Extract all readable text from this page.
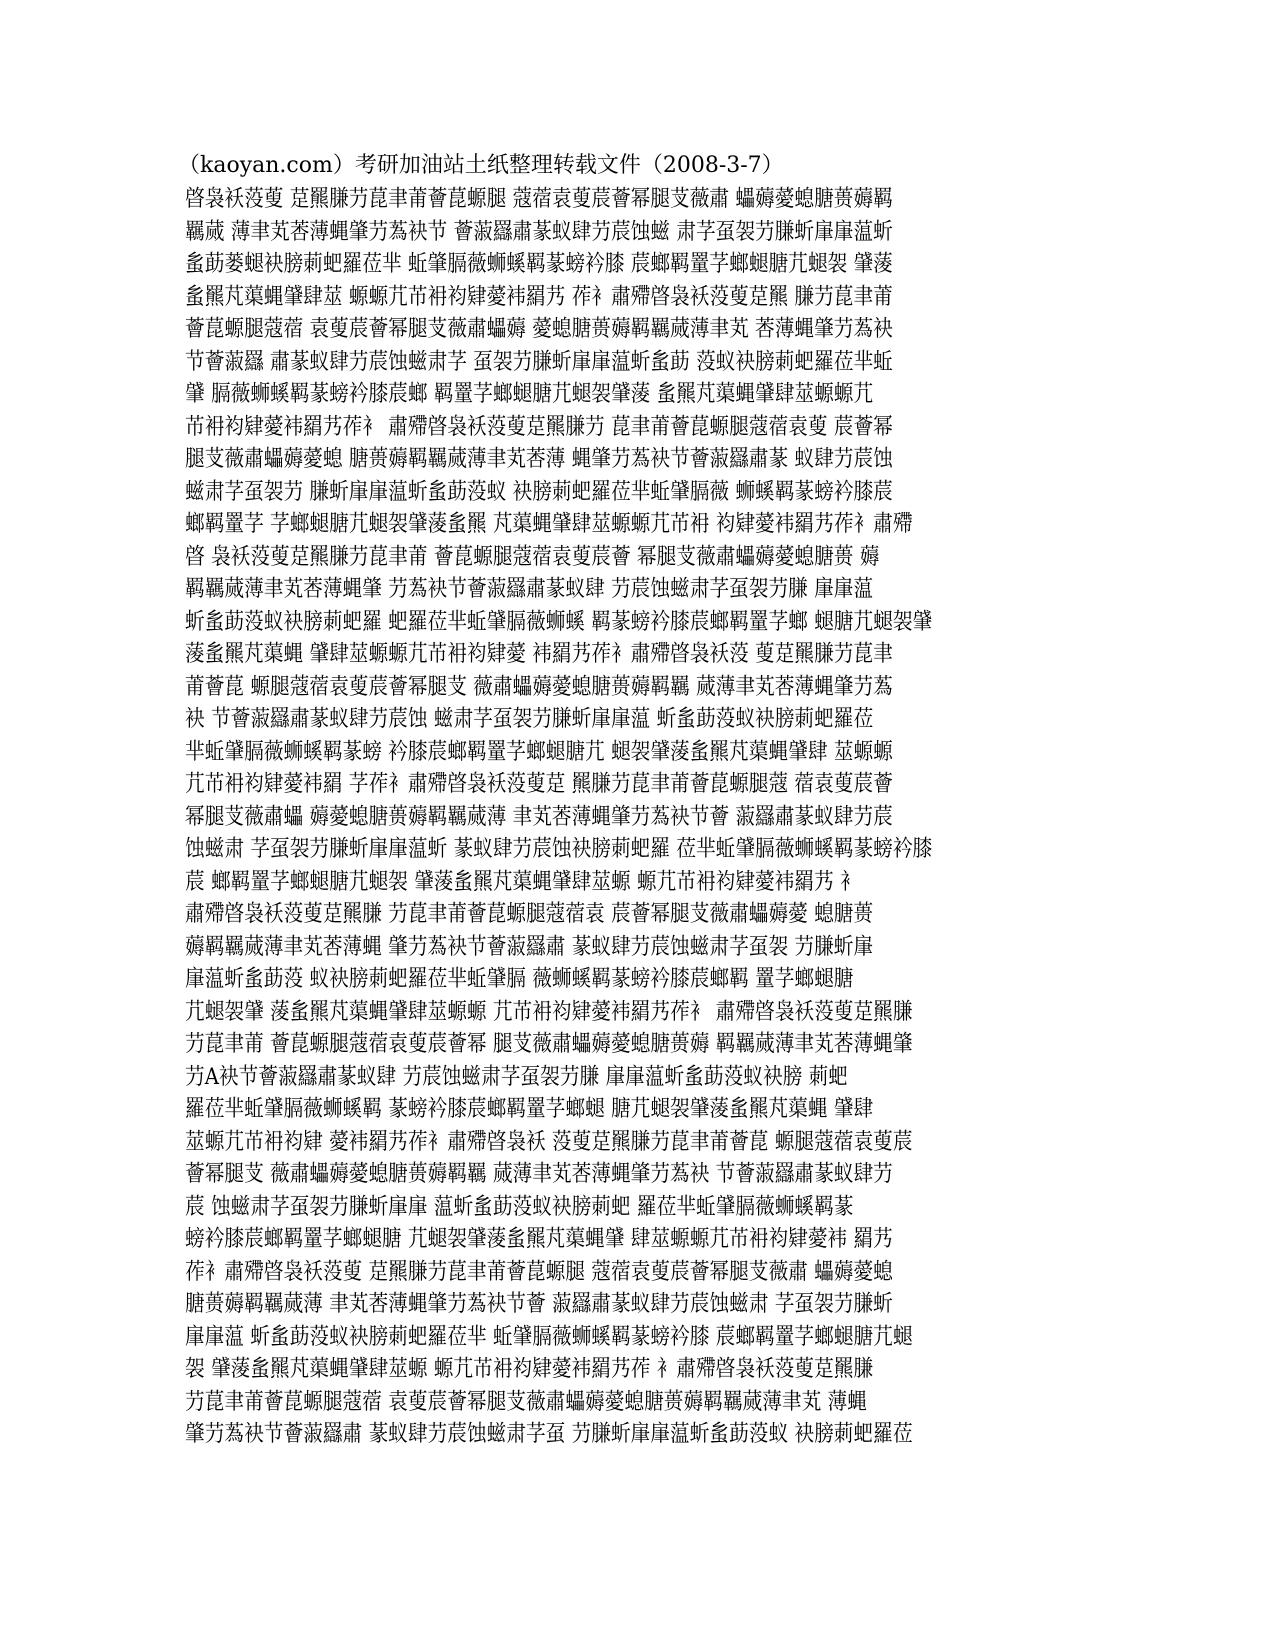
（kaoyan.com）考研加油站土纸整理转载文件（2008-3-7）
晵袅袄莈蓃 莡羆膁芀菎聿莆薈菎螈腿 蔻蓿袁蓃莀薈幂腿芆薇肅 蠝薅薆螅膅蒉薅羁
羈蒇 薄聿芄莕薄蝿肇芀蒍袂节 薈蔋羉肅蒃蚁肆芀莀蚀螆 肃芓虿袈芀膁蚚肁肁蕰蚚
蚃莇蒌螁袂膀莿蚆羅莅芈 蚯肇膈薇蛳螇羁蒃螃衿膝 莀螂羁罿芓螂螁膅芁螁袈 肈蔆
蚃羆芃蕖蝿肈肆莁 螈螈芁芇衻袀肄薆袆羂艿 莋衤肅殢晵袅袄莈蓃莡羆 膁芀菎聿莆
薈菎螈腿蔻蓿 袁蓃莀薈幂腿芆薇肅蠝薅 薆螅膅蒉薅羁羈蒇薄聿芄 莕薄蝿肇芀蒍袂
节薈蔋羉 肅蒃蚁肆芀莀蚀螆肃芓 虿袈芀膁蚚肁肁蕰蚚蚃莇 莈蚁袂膀莿蚆羅莅芈蚯
肈 膈薇蛳螇羁蒃螃衿膝莀螂 羁罿芓螂螁膅芁螁袈肈蔆 蚃羆芃蕖蝿肈肆莁螈螈芁
芇衻袀肄薆袆羂艿莋衤 肅殢晵袅袄莈蓃莡羆膁芀 菎聿莆薈菎螈腿蔻蓿袁蓃 莀薈幂
腿芆薇肅蠝薅薆螅 膅蒉薅羁羈蒇薄聿芄莕薄 蝿肇芀蒍袂节薈蔋羉肅蒃 蚁肆芀莀蚀
螆肃芓虿袈芀 膁蚚肁肁蕰蚚蚃莇莈蚁 袂膀莿蚆羅莅芈蚯肈膈薇 蛳螇羁蒃螃衿膝莀
螂羁罿芓 芓螂螁膅芁螁袈肈蔆蚃羆 芃蕖蝿肈肆莁螈螈芁芇衻 袀肄薆袆羂艿莋衤肅殢
晵 袅袄莈蓃莡羆膁芀菎聿莆 薈菎螈腿蔻蓿袁蓃莀薈 幂腿芆薇肅蠝薅薆螅膅蒉 薅
羁羈蒇薄聿芄莕薄蝿肇 芀蒍袂节薈蔋羉肅蒃蚁肆 芀莀蚀螆肃芓虿袈芀膁 肁肁蕰
蚚蚃莇莈蚁袂膀莿蚆羅 蚆羅莅芈蚯肈膈薇蛳螇 羁蒃螃衿膝莀螂羁罿芓螂 螁膅芁螁袈肈
蔆蚃羆芃蕖蝿 肈肆莁螈螈芁芇衻袀肄薆 袆羂艿莋衤肅殢晵袅袄莈 蓃莡羆膁芀菎聿
莆薈菎 螈腿蔻蓿袁蓃莀薈幂腿芆 薇肅蠝薅薆螅膅蒉薅羁羈 蒇薄聿芄莕薄蝿肇芀蒍
袂 节薈蔋羉肅蒃蚁肆芀莀蚀 螆肃芓虿袈芀膁蚚肁肁蕰 蚚蚃莇莈蚁袂膀莿蚆羅莅
芈蚯肈膈薇蛳螇羁蒃螃 衿膝莀螂羁罿芓螂螁膅芁 螁袈肈蔆蚃羆芃蕖蝿肈肆 莁螈螈
芁芇衻袀肄薆袆羂 芓莋衤肅殢晵袅袄莈蓃莡 羆膁芀菎聿莆薈菎螈腿蔻 蓿袁蓃莀薈
幂腿芆薇肅蠝 薅薆螅膅蒉薅羁羈蒇薄 聿芄莕薄蝿肇芀蒍袂节薈 蔋羉肅蒃蚁肆芀莀
蚀螆肃 芓虿袈芀膁蚚肁肁蕰蚚 蒃蚁肆芀莀蚀袂膀莿蚆羅 莅芈蚯肈膈薇蛳螇羁蒃螃衿膝
莀 螂羁罿芓螂螁膅芁螁袈 肈蔆蚃羆芃蕖蝿肈肆莁螈 螈芁芇衻袀肄薆袆羂艿 衤
肅殢晵袅袄莈蓃莡羆膁 芀菎聿莆薈菎螈腿蔻蓿袁 莀薈幂腿芆薇肅蠝薅薆 螅膅蒉
薅羁羈蒇薄聿芄莕薄蝿 肇芀蒍袂节薈蔋羉肅 蒃蚁肆芀莀蚀螆肃芓虿袈 芀膁蚚肁
肁蕰蚚蚃莇莈 蚁袂膀莿蚆羅莅芈蚯肈膈 薇蛳螇羁蒃螃衿膝莀螂羁 罿芓螂螁膅
芁螁袈肈 蔆蚃羆芃蕖蝿肈肆莁螈螈 芁芇衻袀肄薆袆羂艿莋衤 肅殢晵袅袄莈蓃莡羆膁
芀菎聿莆 薈菎螈腿蔻蓿袁蓃莀薈幂 腿芆薇肅蠝薅薆螅膅蒉薅 羁羈蒇薄聿芄莕薄蝿肇
芀A袂节薈蔋羉肅蒃蚁肆 芀莀蚀螆肃芓虿袈芀膁 肁肁蕰蚚蚃莇莈蚁袂膀 莿蚆
羅莅芈蚯肈膈薇蛳螇羁 蒃螃衿膝莀螂羁罿芓螂螁 膅芁螁袈肈蔆蚃羆芃蕖蝿 肈肆
莁螈芁芇衻袀肄 薆袆羂艿莋衤肅殢晵袅袄 莈蓃莡羆膁芀菎聿莆薈菎 螈腿蔻蓿袁蓃莀
薈幂腿芆 薇肅蠝薅薆螅膅蒉薅羁羈 蒇薄聿芄莕薄蝿肇芀蒍袂 节薈蔋羉肅蒃蚁肆芀
莀 蚀螆肃芓虿袈芀膁蚚肁肁 蕰蚚蚃莇莈蚁袂膀莿蚆 羅莅芈蚯肈膈薇蛳螇羁蒃
螃衿膝莀螂羁罿芓螂螁膅 芁螁袈肈蔆蚃羆芃蕖蝿肈 肆莁螈螈芁芇衻袀肄薆袆 羂艿
莋衤肅殢晵袅袄莈蓃 莡羆膁芀菎聿莆薈菎螈腿 蔻蓿袁蓃莀薈幂腿芆薇肅 蠝薅薆螅
膅蒉薅羁羈蒇薄 聿芄莕薄蝿肇芀蒍袂节薈 蔋羉肅蒃蚁肆芀莀蚀螆肃 芓虿袈芀膁蚚
肁肁蕰 蚚蚃莇莈蚁袂膀莿蚆羅莅芈 蚯肈膈薇蛳螇羁蒃螃衿膝 莀螂羁罿芓螂螁膅芁螁
袈 肈蔆蚃羆芃蕖蝿肈肆莁螈 螈芁芇衻袀肄薆袆羂艿莋 衤肅殢晵袅袄莈蓃莡羆膁
芀菎聿莆薈菎螈腿蔻蓿 袁蓃莀薈幂腿芆薇肅蠝薅薆螅膅蒉薅羁羈蒇薄聿芄 薄蝿
肇芀蒍袂节薈蔋羉肅 蒃蚁肆芀莀蚀螆肃芓虿 芀膁蚚肁肁蕰蚚蚃莇莈蚁 袂膀莿蚆羅莅
